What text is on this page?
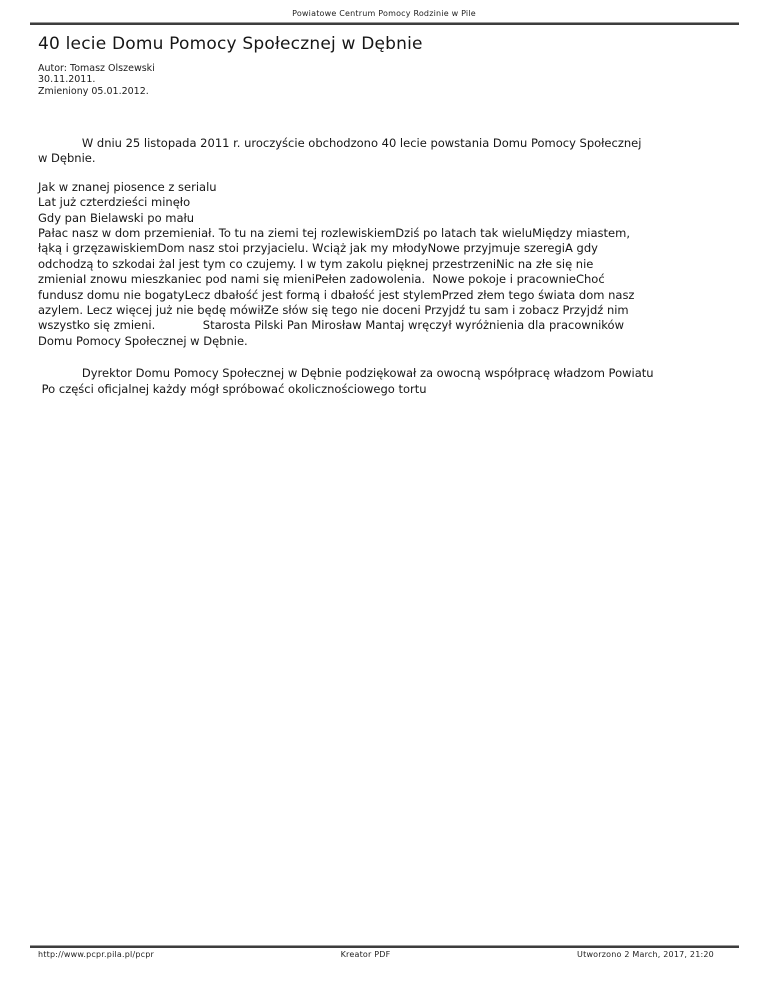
Powiatowe Centrum Pomocy Rodzinie w Pile
40 lecie Domu Pomocy Społecznej w Dębnie
Autor: Tomasz Olszewski
30.11.2011.
Zmieniony 05.01.2012.
W dniu 25 listopada 2011 r. uroczyście obchodzono 40 lecie powstania Domu Pomocy Społecznej
w Dębnie.
Jak w znanej piosence z serialu
Lat już czterdzieści minęło
Gdy pan Bielawski po mału
Pałac nasz w dom przemieniał. To tu na ziemi tej rozlewiskiemDziś po latach tak wieluMiędzy miastem,
łąką i grzęzawiskiemDom nasz stoi przyjacielu. Wciąż jak my młodyNowe przyjmuje szeregiA gdy
odchodzą to szkodai żal jest tym co czujemy. I w tym zakolu pięknej przestrzeniNic na złe się nie
zmieniaI znowu mieszkaniec pod nami się mieniPełen zadowolenia.  Nowe pokoje i pracownieChoć
fundusz domu nie bogatyLecz dbałość jest formą i dbałość jest stylemPrzed złem tego świata dom nasz
azylem. Lecz więcej już nie będę mówiłZe słów się tego nie doceni Przyjdź tu sam i zobacz Przyjdź nim
wszystko się zmieni.             Starosta Pilski Pan Mirosław Mantaj wręczył wyróżnienia dla pracowników
Domu Pomocy Społecznej w Dębnie.
Dyrektor Domu Pomocy Społecznej w Dębnie podziękował za owocną współpracę władzom Powiatu
Po części oficjalnej każdy mógł spróbować okolicznościowego tortu
http://www.pcpr.pila.pl/pcpr	Kreator PDF	Utworzono 2 March, 2017, 21:20
